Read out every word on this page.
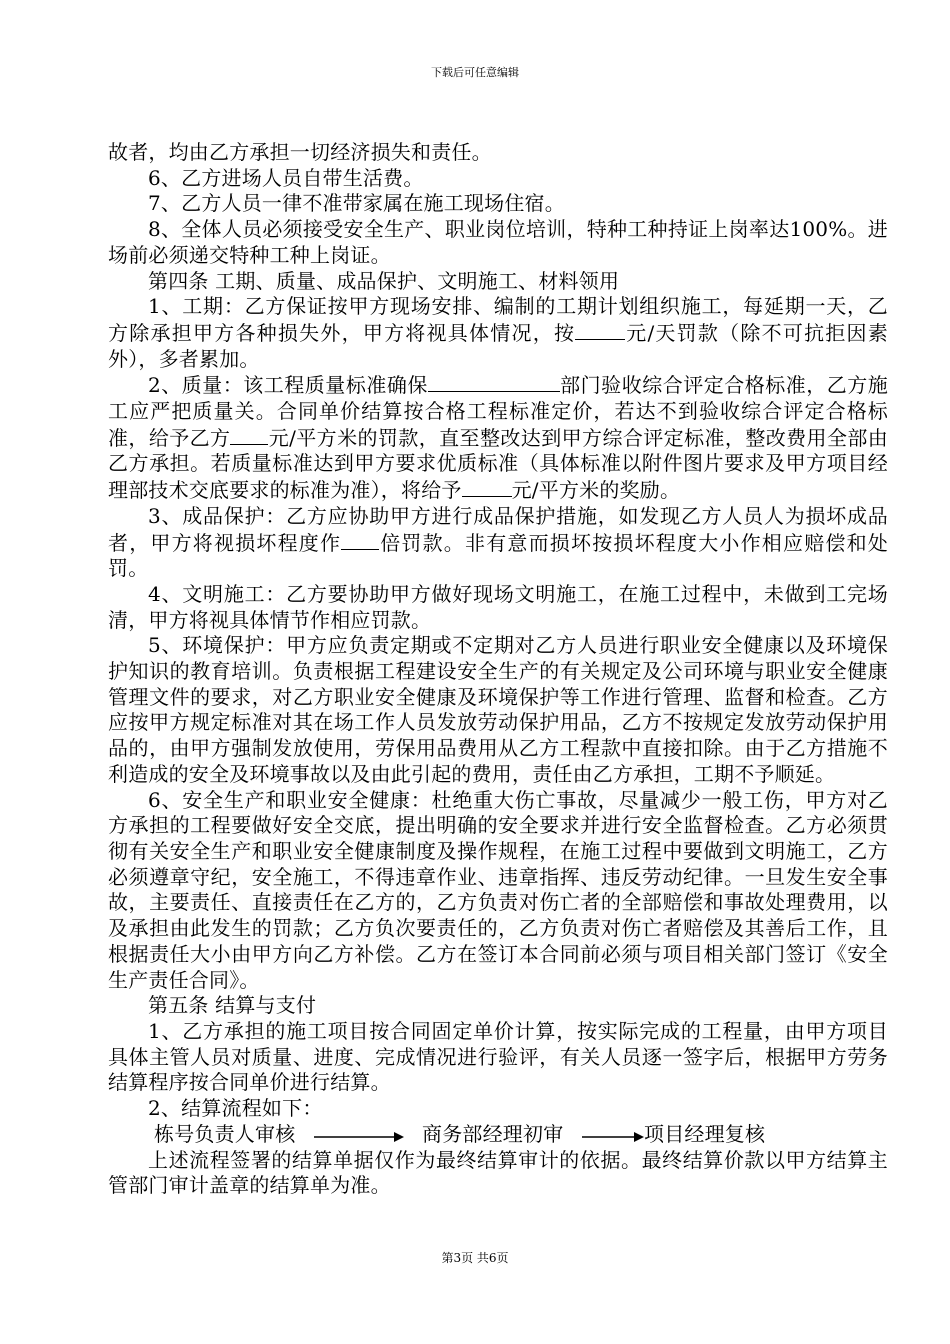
下载后可任意编辑

故者，均由乙方承担一切经济损失和责任。

6、乙方进场人员自带生活费。

7、乙方人员一律不准带家属在施工现场住宿。

8、全体人员必须接受安全生产、职业岗位培训，特种工种持证上岗率达100%。进场前必须递交特种工种上岗证。

第四条 工期、质量、成品保护、文明施工、材料领用

1、工期：乙方保证按甲方现场安排、编制的工期计划组织施工，每延期一天，乙方除承担甲方各种损失外，甲方将视具体情况，按	元/天罚款（除不可抗拒因素外），多者累加。

2、质量：该工程质量标准确保	部门验收综合评定合格标准，乙方施工应严把质量关。合同单价结算按合格工程标准定价，若达不到验收综合评定合格标准，给予乙方 元/平方米的罚款，直至整改达到甲方综合评定标准，整改费用全部由乙方承担。若质量标准达到甲方要求优质标准（具体标准以附件图片要求及甲方项目经理部技术交底要求的标准为准），将给予	元/平方米的奖励。

3、成品保护：乙方应协助甲方进行成品保护措施，如发现乙方人员人为损坏成品者，甲方将视损坏程度作 倍罚款。非有意而损坏按损坏程度大小作相应赔偿和处罚。

4、文明施工：乙方要协助甲方做好现场文明施工，在施工过程中，未做到工完场清，甲方将视具体情节作相应罚款。

5、环境保护：甲方应负责定期或不定期对乙方人员进行职业安全健康以及环境保护知识的教育培训。负责根据工程建设安全生产的有关规定及公司环境与职业安全健康管理文件的要求，对乙方职业安全健康及环境保护等工作进行管理、监督和检查。乙方应按甲方规定标准对其在场工作人员发放劳动保护用品，乙方不按规定发放劳动保护用品的，由甲方强制发放使用，劳保用品费用从乙方工程款中直接扣除。由于乙方措施不利造成的安全及环境事故以及由此引起的费用，责任由乙方承担，工期不予顺延。

6、安全生产和职业安全健康：杜绝重大伤亡事故，尽量减少一般工伤，甲方对乙方承担的工程要做好安全交底，提出明确的安全要求并进行安全监督检查。乙方必须贯彻有关安全生产和职业安全健康制度及操作规程，在施工过程中要做到文明施工，乙方必须遵章守纪，安全施工，不得违章作业、违章指挥、违反劳动纪律。一旦发生安全事故，主要责任、直接责任在乙方的，乙方负责对伤亡者的全部赔偿和事故处理费用，以及承担由此发生的罚款；乙方负次要责任的，乙方负责对伤亡者赔偿及其善后工作，且根据责任大小由甲方向乙方补偿。乙方在签订本合同前必须与项目相关部门签订《安全生产责任合同》。

第五条 结算与支付

1、乙方承担的施工项目按合同固定单价计算，按实际完成的工程量，由甲方项目具体主管人员对质量、进度、完成情况进行验评，有关人员逐一签字后，根据甲方劳务结算程序按合同单价进行结算。

2、结算流程如下：

栋号负责人审核	商务部经理初审	项目经理复核

上述流程签署的结算单据仅作为最终结算审计的依据。最终结算价款以甲方结算主管部门审计盖章的结算单为准。

第3页 共6页
